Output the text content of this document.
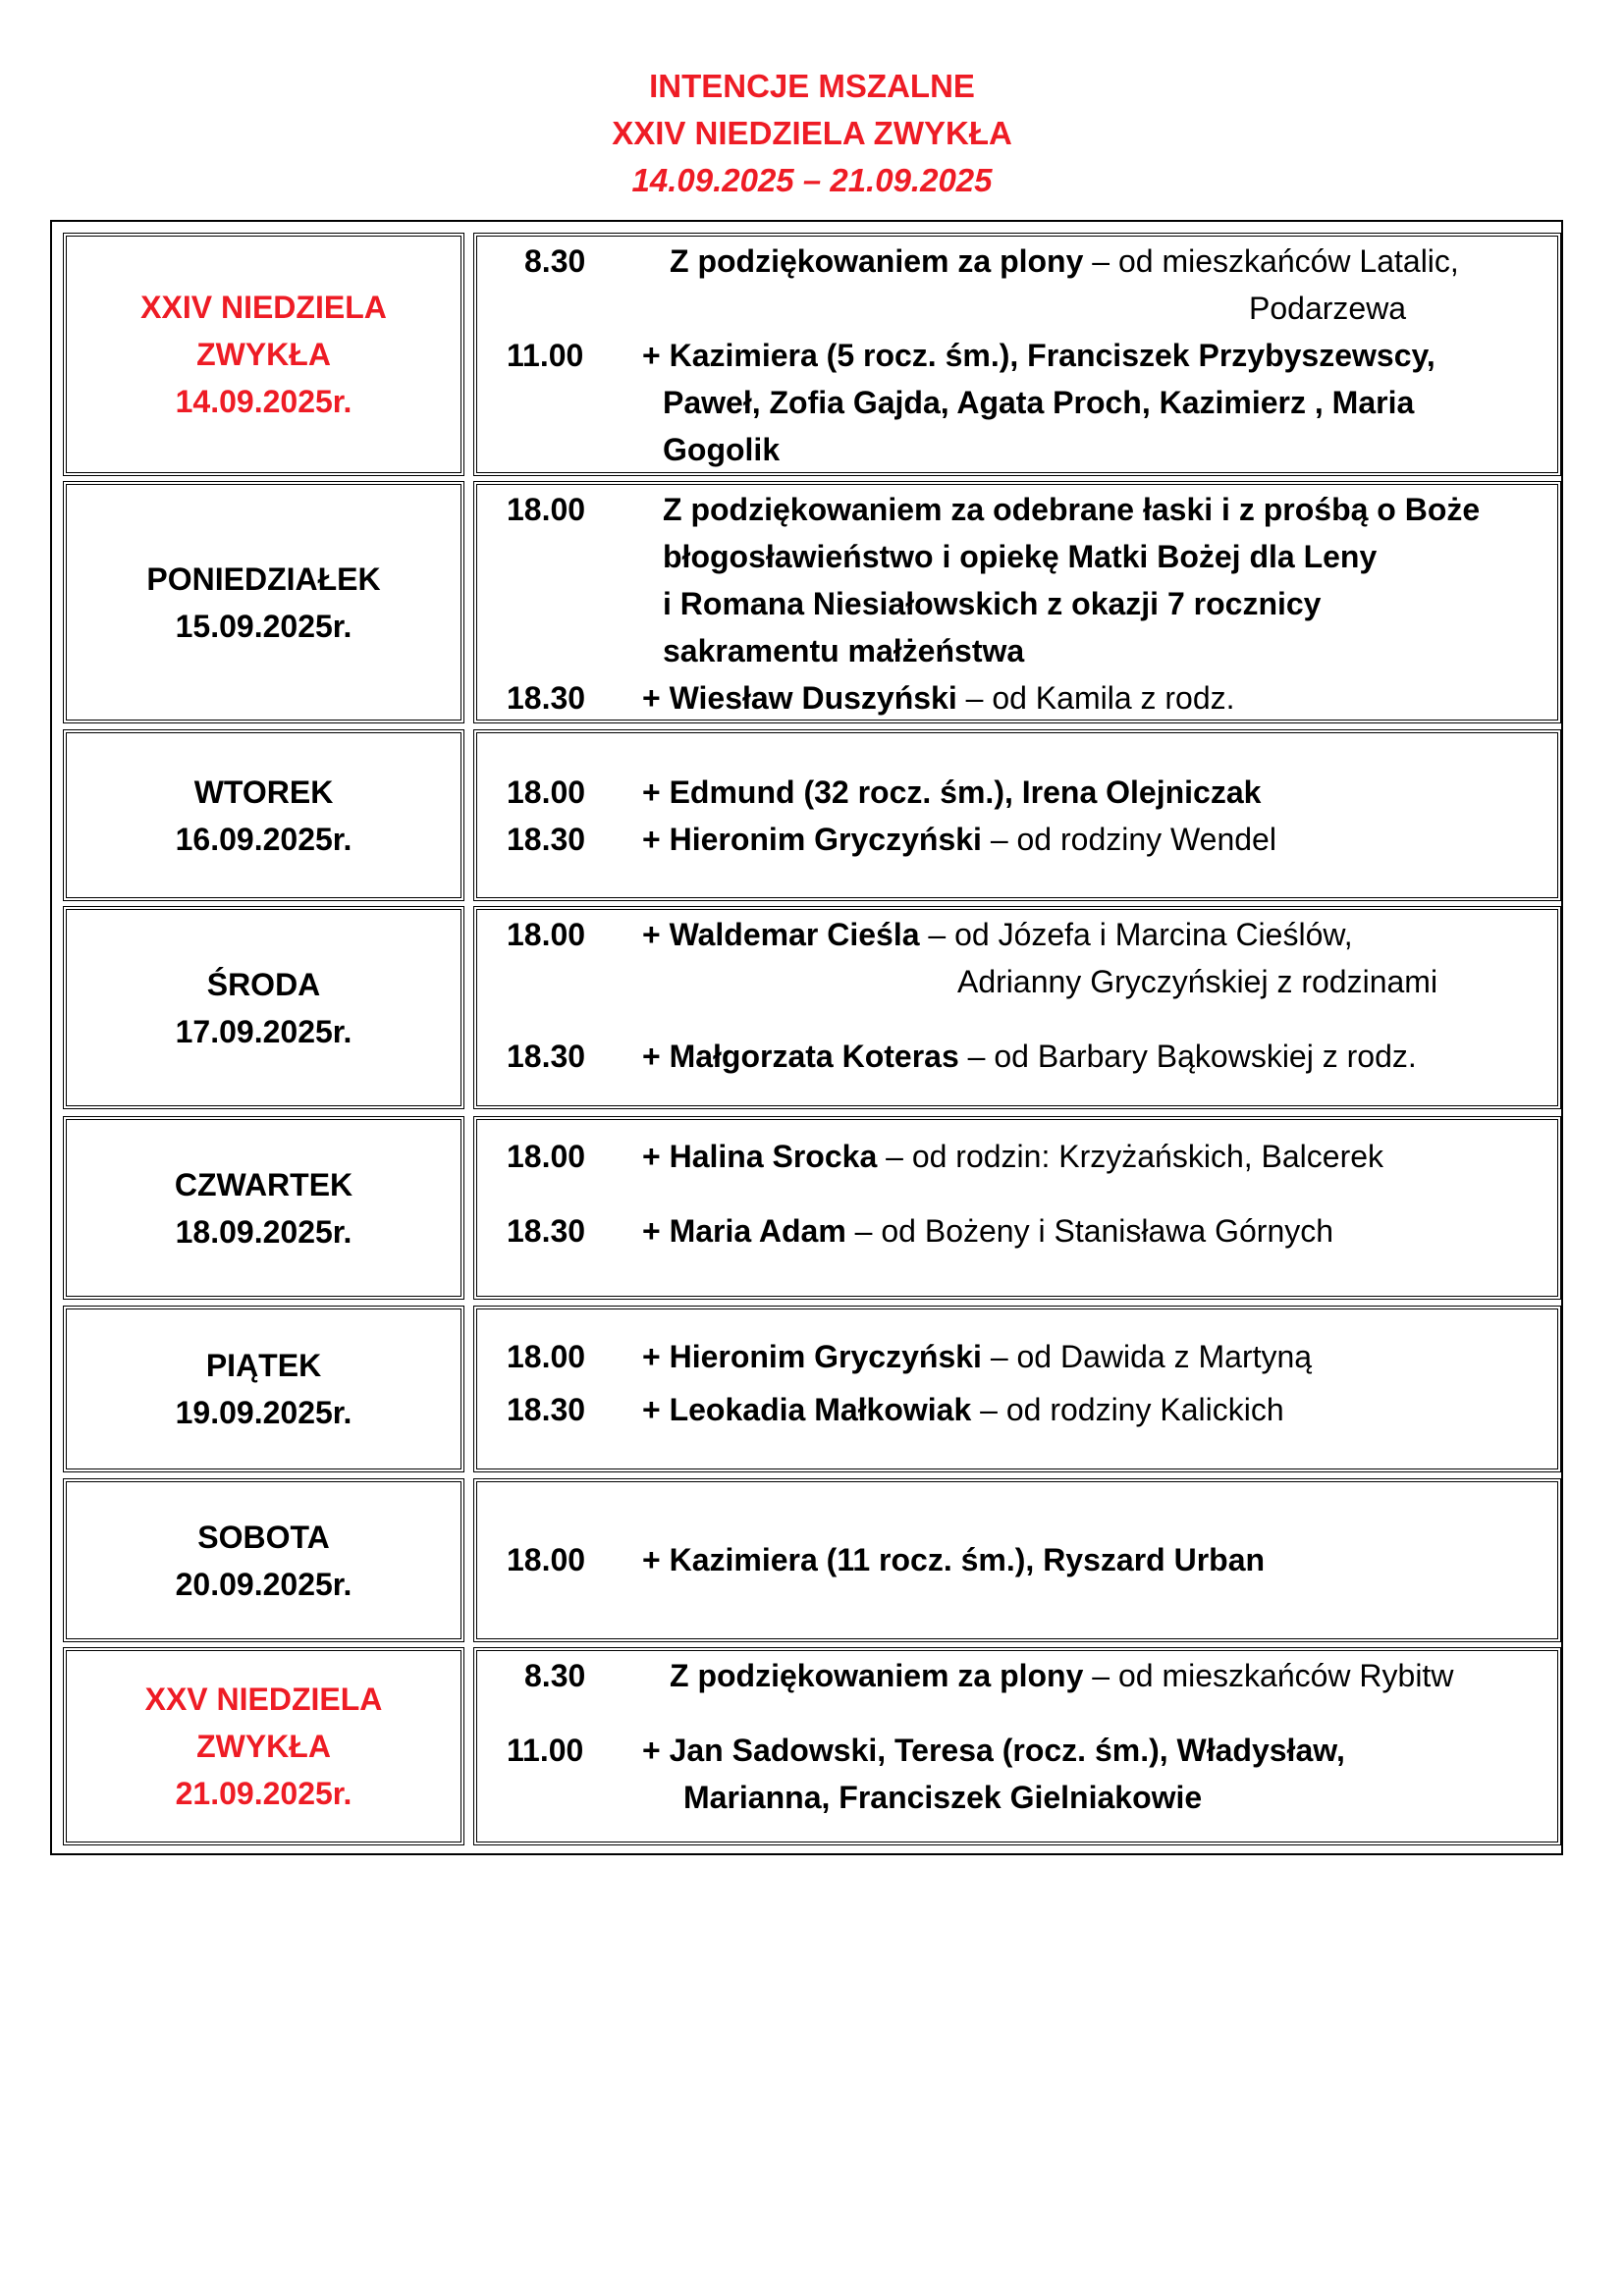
INTENCJE MSZALNE
XXIV NIEDZIELA ZWYKŁA
14.09.2025 – 21.09.2025
XXIV NIEDZIELA
ZWYKŁA
14.09.2025r.
8.30	Z podziękowaniem za plony – od mieszkańców Latalic,
Podarzewa
11.00 + Kazimiera (5 rocz. śm.), Franciszek Przybyszewscy,
Paweł, Zofia Gajda, Agata Proch, Kazimierz , Maria
Gogolik
PONIEDZIAŁEK
15.09.2025r.
18.00 Z podziękowaniem za odebrane łaski i z prośbą o Boże
błogosławieństwo i opiekę Matki Bożej dla Leny
i Romana Niesiałowskich z okazji 7 rocznicy
sakramentu małżeństwa
18.30 + Wiesław Duszyński – od Kamila z rodz.
WTOREK
16.09.2025r.
18.00 + Edmund (32 rocz. śm.), Irena Olejniczak
18.30 + Hieronim Gryczyński – od rodziny Wendel
ŚRODA
17.09.2025r.
18.00 + Waldemar Cieśla – od Józefa i Marcina Cieślów,
Adrianny Gryczyńskiej z rodzinami
18.30 + Małgorzata Koteras – od Barbary Bąkowskiej z rodz.
CZWARTEK
18.09.2025r.
18.00 + Halina Srocka – od rodzin: Krzyżańskich, Balcerek
18.30 + Maria Adam – od Bożeny i Stanisława Górnych
PIĄTEK
19.09.2025r.
18.00 + Hieronim Gryczyński – od Dawida z Martyną
18.30 + Leokadia Małkowiak – od rodziny Kalickich
SOBOTA
20.09.2025r.
18.00 + Kazimiera (11 rocz. śm.), Ryszard Urban
XXV NIEDZIELA
ZWYKŁA
21.09.2025r.
8.30	Z podziękowaniem za plony – od mieszkańców Rybitw
11.00 + Jan Sadowski, Teresa (rocz. śm.), Władysław,
Marianna, Franciszek Gielniakowie
